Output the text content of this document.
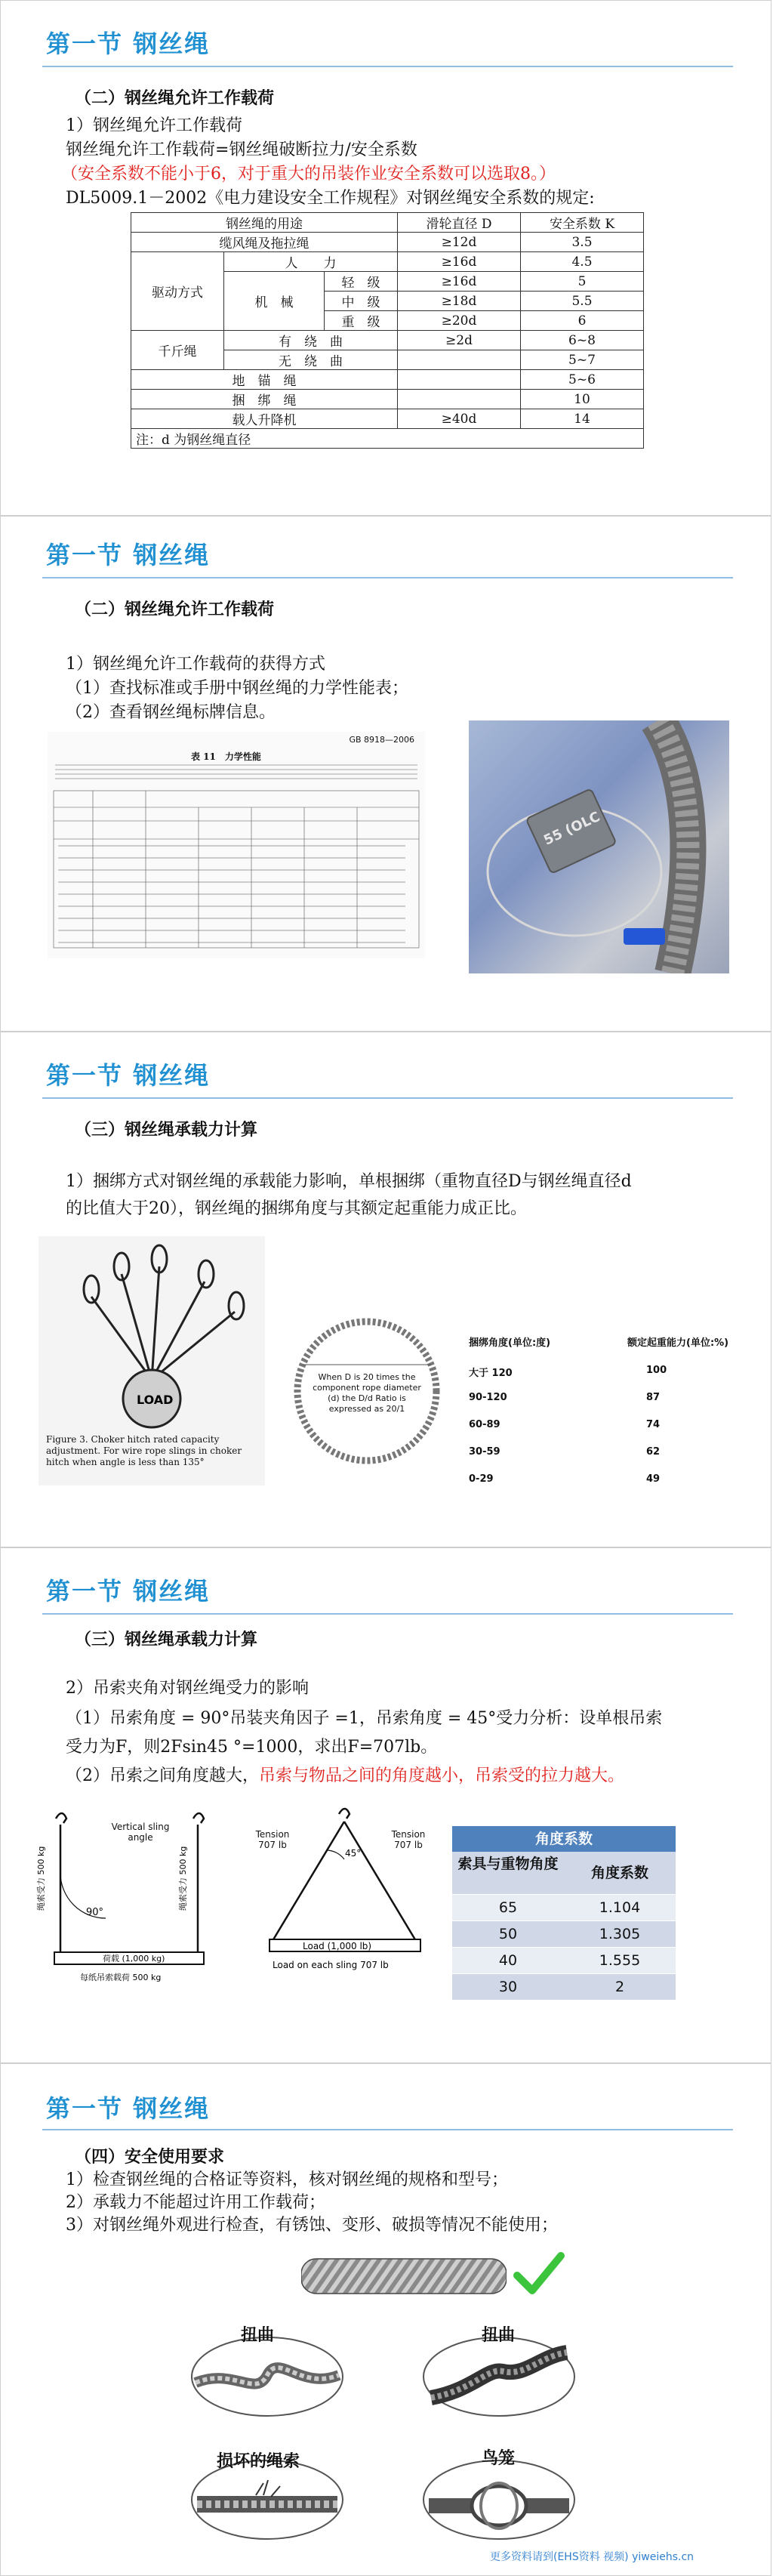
第一节 钢丝绳
（二）钢丝绳允许工作载荷
1）钢丝绳允许工作载荷
钢丝绳允许工作载荷=钢丝绳破断拉力/安全系数
（安全系数不能小于6，对于重大的吊装作业安全系数可以选取8。）
DL5009.1－2002《电力建设安全工作规程》对钢丝绳安全系数的规定:
钢丝绳的用途			滑轮直径 D	安全系数 K
缆风绳及拖拉绳			≥12d	3.5
驱动方式	人　　力		≥16d	4.5
	机　械	轻　级	≥16d	5
		中　级	≥18d	5.5
		重　级	≥20d	6
千斤绳	有　绕　曲		≥2d	6~8
	无　绕　曲			5~7
地　锚　绳				5~6
捆　绑　绳				10
载人升降机			≥40d	14
注：d 为钢丝绳直径				
第一节 钢丝绳
（二）钢丝绳允许工作载荷
1）钢丝绳允许工作载荷的获得方式
（1）查找标准或手册中钢丝绳的力学性能表；
（2）查看钢丝绳标牌信息。
GB 8918—2006
表 11　力学性能
55 (OLC
第一节 钢丝绳
（三）钢丝绳承载力计算
1）捆绑方式对钢丝绳的承载能力影响，单根捆绑（重物直径D与钢丝绳直径d
的比值大于20），钢丝绳的捆绑角度与其额定起重能力成正比。
LOAD
Figure 3. Choker hitch rated capacity adjustment. For wire rope slings in choker hitch when angle is less than 135°
When D is 20 times the component rope diameter (d) the D/d Ratio is expressed as 20/1
捆绑角度(单位:度)	额定起重能力(单位:%)
大于 120	100
90-120	87
60-89	74
30-59	62
0-29	49
第一节 钢丝绳
（三）钢丝绳承载力计算
2）吊索夹角对钢丝绳受力的影响
（1）吊索角度 = 90°吊装夹角因子 =1，吊索角度 = 45°受力分析：设单根吊索
受力为F，则2Fsin45 °=1000，求出F=707lb。
（2）吊索之间角度越大，吊索与物品之间的角度越小，吊索受的拉力越大。
荷载 (1,000 kg)
每纸吊索载荷 500 kg
90°
绳索受力 500 kg	绳索受力 500 kg
Vertical sling angle
Load (1,000 lb)
Load on each sling 707 lb
45°
Tension 707 lb
Tension 707 lb	角度系数
索具与重物角度
角度系数
65	1.104
50	1.305
40	1.555
30	2
第一节 钢丝绳
（四）安全使用要求
1）检查钢丝绳的合格证等资料，核对钢丝绳的规格和型号；
2）承载力不能超过许用工作载荷；
3）对钢丝绳外观进行检查，有锈蚀、变形、破损等情况不能使用；
扭曲	扭曲
损坏的绳索	鸟笼
更多资料请到(EHS资料 视频) yiweiehs.cn
